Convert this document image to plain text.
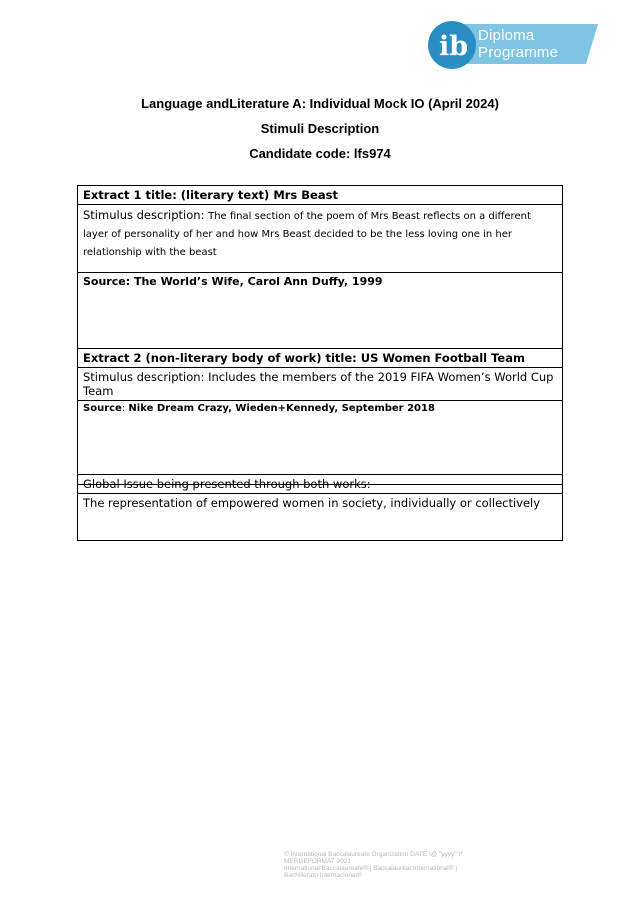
ib Diploma
Programme
Language andLiterature A: Individual Mock IO (April 2024)
Stimuli Description
Candidate code: lfs974
Extract 1 title: (literary text) Mrs Beast
Stimulus description: The final section of the poem of Mrs Beast reflects on a different layer of personality of her and how Mrs Beast decided to be the less loving one in her relationship with the beast
Source: The World’s Wife, Carol Ann Duffy, 1999
Extract 2 (non-literary body of work) title: US Women Football Team
Stimulus description: Includes the members of the 2019 FIFA Women’s World Cup Team
Source: Nike Dream Crazy, Wieden+Kennedy, September 2018
Global Issue being presented through both works:
The representation of empowered women in society, individually or collectively
© International Baccalaureate Organization DATE \@ "yyyy" \*
MERGEFORMAT 2021
International Baccalaureate® | Baccalauréat International® |
Bachillerato Internacional®
